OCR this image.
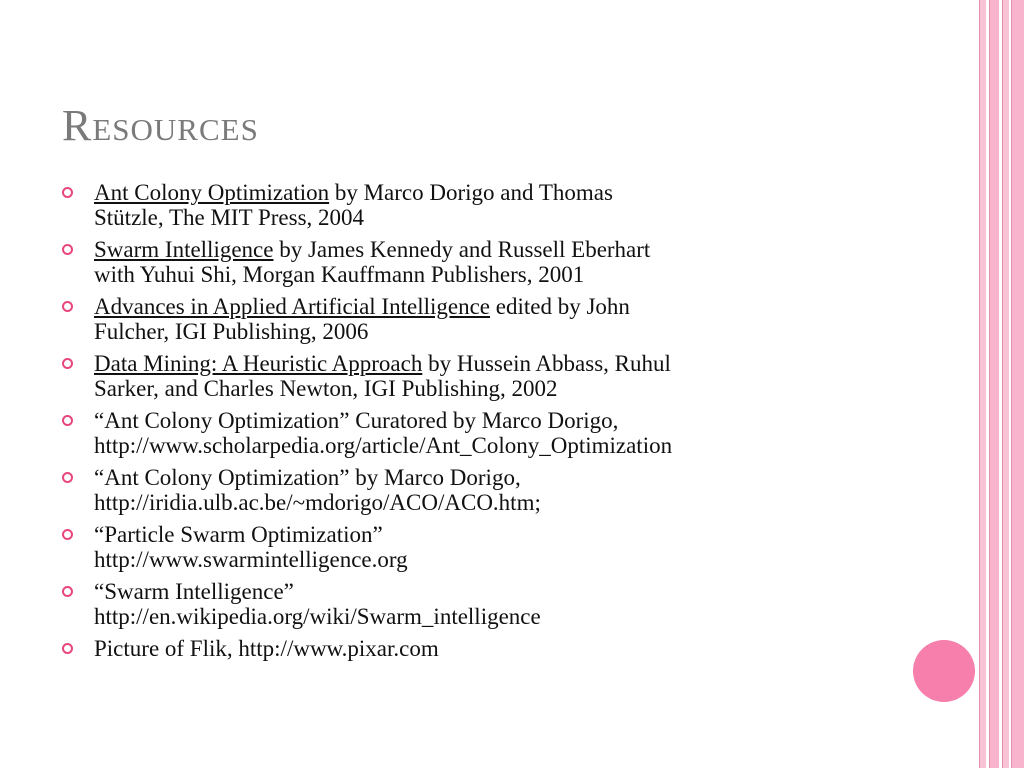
Resources
Ant Colony Optimization by Marco Dorigo and Thomas
Stützle, The MIT Press, 2004
Swarm Intelligence by James Kennedy and Russell Eberhart
with Yuhui Shi, Morgan Kauffmann Publishers, 2001
Advances in Applied Artificial Intelligence edited by John
Fulcher, IGI Publishing, 2006
Data Mining: A Heuristic Approach by Hussein Abbass, Ruhul
Sarker, and Charles Newton, IGI Publishing, 2002
“Ant Colony Optimization” Curatored by Marco Dorigo,
http://www.scholarpedia.org/article/Ant_Colony_Optimization
“Ant Colony Optimization” by Marco Dorigo,
http://iridia.ulb.ac.be/~mdorigo/ACO/ACO.htm;
“Particle Swarm Optimization”
http://www.swarmintelligence.org
“Swarm Intelligence”
http://en.wikipedia.org/wiki/Swarm_intelligence
Picture of Flik, http://www.pixar.com
